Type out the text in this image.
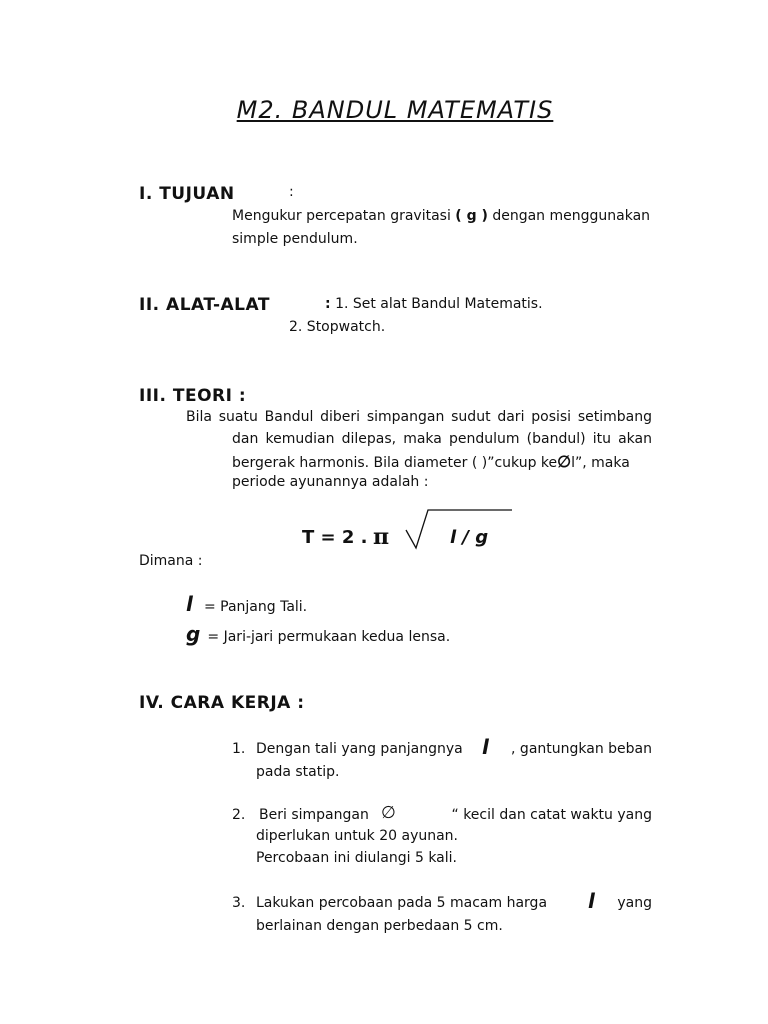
M2. BANDUL MATEMATIS
I. TUJUAN	:
Mengukur percepatan gravitasi ( g ) dengan menggunakan
simple pendulum.
II. ALAT-ALAT	: 1. Set alat Bandul Matematis.
2. Stopwatch.
III. TEORI :
Bila suatu Bandul diberi simpangan sudut dari posisi setimbang
dan kemudian dilepas, maka pendulum (bandul) itu akan
bergerak harmonis. Bila diameter ( )”cukup ke∅l”, maka
periode ayunannya adalah :
T = 2 . π	l / g
Dimana :
l = Panjang Tali.
g = Jari-jari permukaan kedua lensa.
IV. CARA KERJA :
1. Dengan tali yang panjangnya l , gantungkan beban
pada statip.
2. Beri simpangan ∅	“ kecil dan catat waktu yang
diperlukan untuk 20 ayunan.
Percobaan ini diulangi 5 kali.
3. Lakukan percobaan pada 5 macam harga l	yang
berlainan dengan perbedaan 5 cm.
